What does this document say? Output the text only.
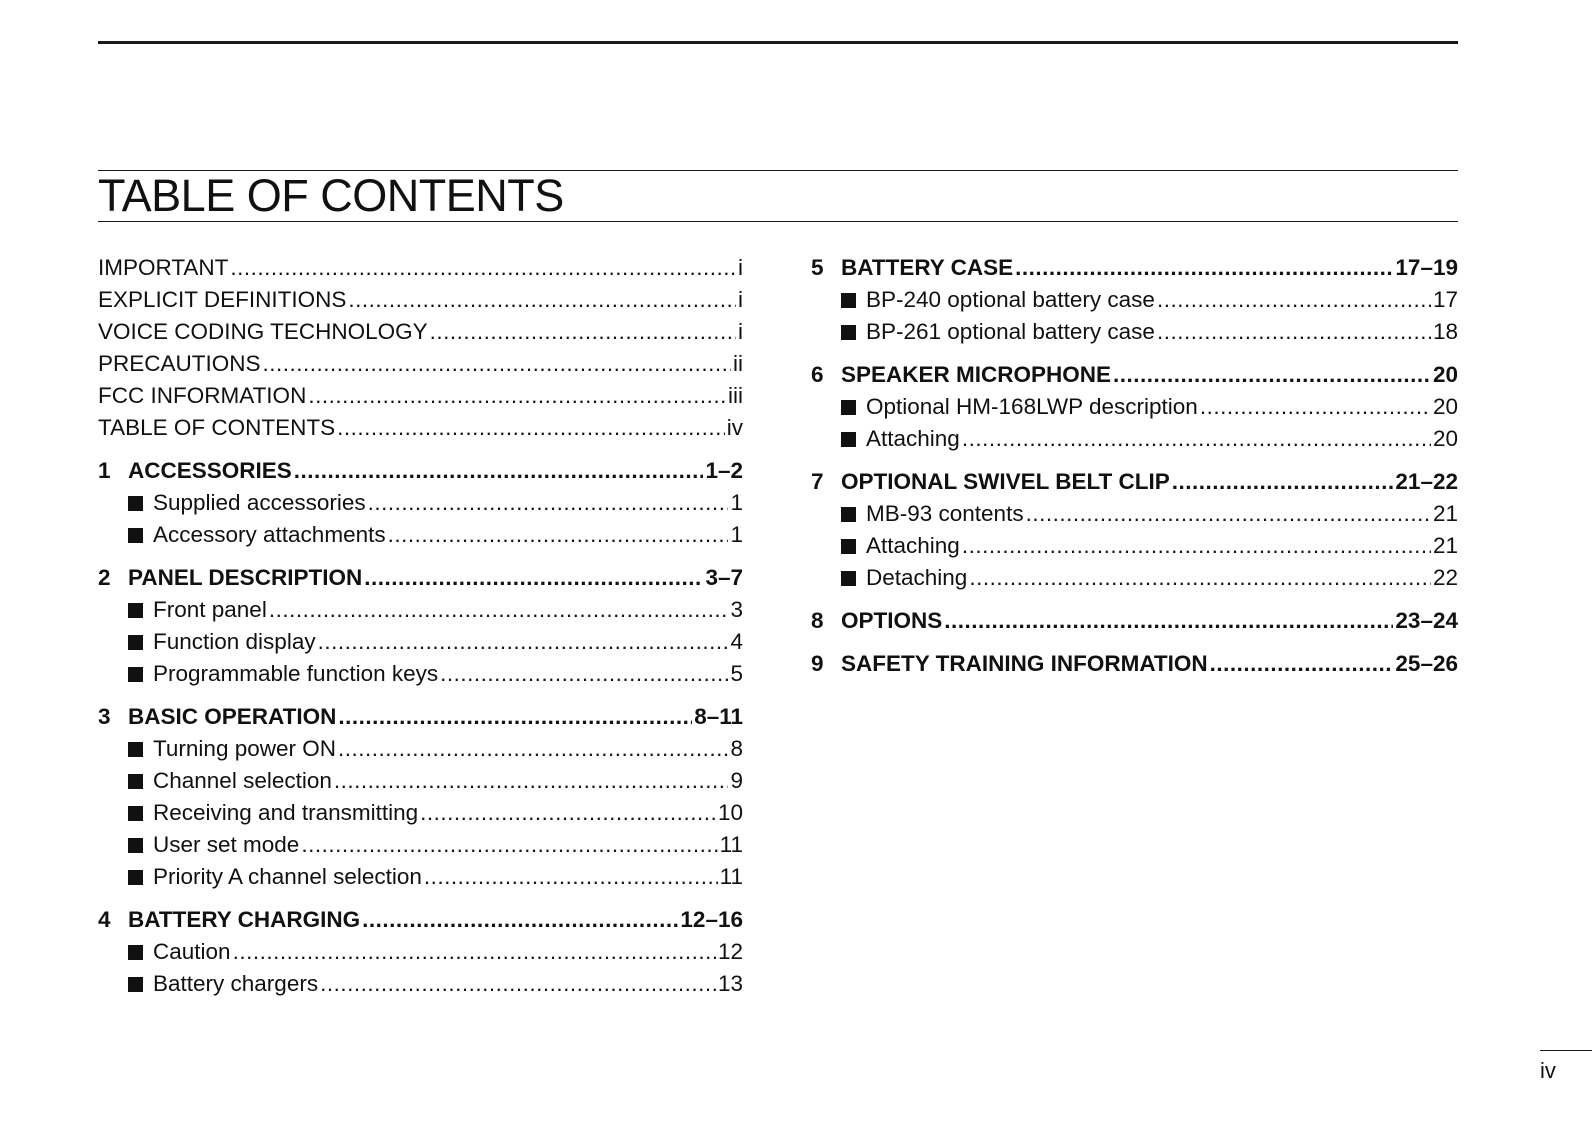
TABLE OF CONTENTS
IMPORTANT .....	i
EXPLICIT DEFINITIONS .....	i
VOICE CODING TECHNOLOGY .....	i
PRECAUTIONS .....	ii
FCC INFORMATION .....	iii
TABLE OF CONTENTS .....	iv
1 ACCESSORIES .....	1–2
Supplied accessories .....	1
Accessory attachments .....	1
2 PANEL DESCRIPTION .....	3–7
Front panel .....	3
Function display .....	4
Programmable function keys .....	5
3 BASIC OPERATION .....	8–11
Turning power ON .....	8
Channel selection .....	9
Receiving and transmitting .....	10
User set mode .....	11
Priority A channel selection .....	11
4 BATTERY CHARGING .....	12–16
Caution .....	12
Battery chargers .....	13
5 BATTERY CASE .....	17–19
BP-240 optional battery case .....	17
BP-261 optional battery case .....	18
6 SPEAKER MICROPHONE .....	20
Optional HM-168LWP description .....	20
Attaching .....	20
7 OPTIONAL SWIVEL BELT CLIP .....	21–22
MB-93 contents .....	21
Attaching .....	21
Detaching .....	22
8 OPTIONS .....	23–24
9 SAFETY TRAINING INFORMATION .....	25–26
iv
